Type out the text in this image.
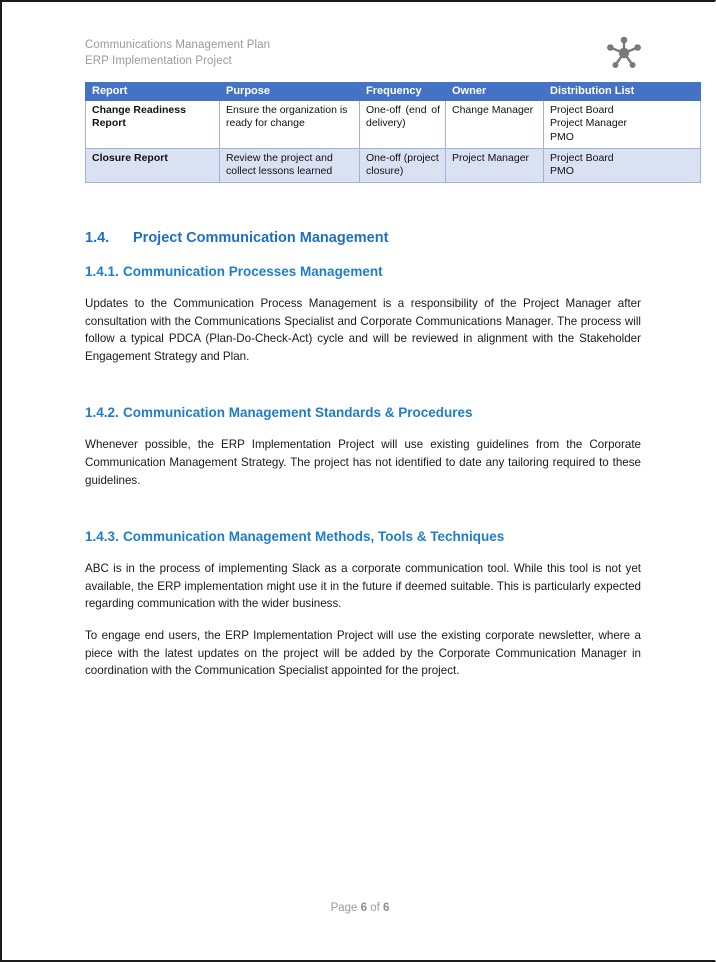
Communications Management Plan
ERP Implementation Project
Report	Purpose	Frequency	Owner	Distribution List
Change Readiness Report	Ensure the organization is ready for change	One-off (end of delivery)	Change Manager	Project Board
Project Manager
PMO

Closure Report	Review the project and collect lessons learned	One-off (project closure)	Project Manager	Project Board
PMO
1.4.	Project Communication Management
1.4.1. Communication Processes Management

Updates to the Communication Process Management is a responsibility of the Project Manager after consultation with the Communications Specialist and Corporate Communications Manager. The process will follow a typical PDCA (Plan-Do-Check-Act) cycle and will be reviewed in alignment with the Stakeholder Engagement Strategy and Plan.

1.4.2. Communication Management Standards & Procedures

Whenever possible, the ERP Implementation Project will use existing guidelines from the Corporate Communication Management Strategy. The project has not identified to date any tailoring required to these guidelines.

1.4.3. Communication Management Methods, Tools & Techniques

ABC is in the process of implementing Slack as a corporate communication tool. While this tool is not yet available, the ERP implementation might use it in the future if deemed suitable. This is particularly expected regarding communication with the wider business.

To engage end users, the ERP Implementation Project will use the existing corporate newsletter, where a piece with the latest updates on the project will be added by the Corporate Communication Manager in coordination with the Communication Specialist appointed for the project.

Page 6 of 6
